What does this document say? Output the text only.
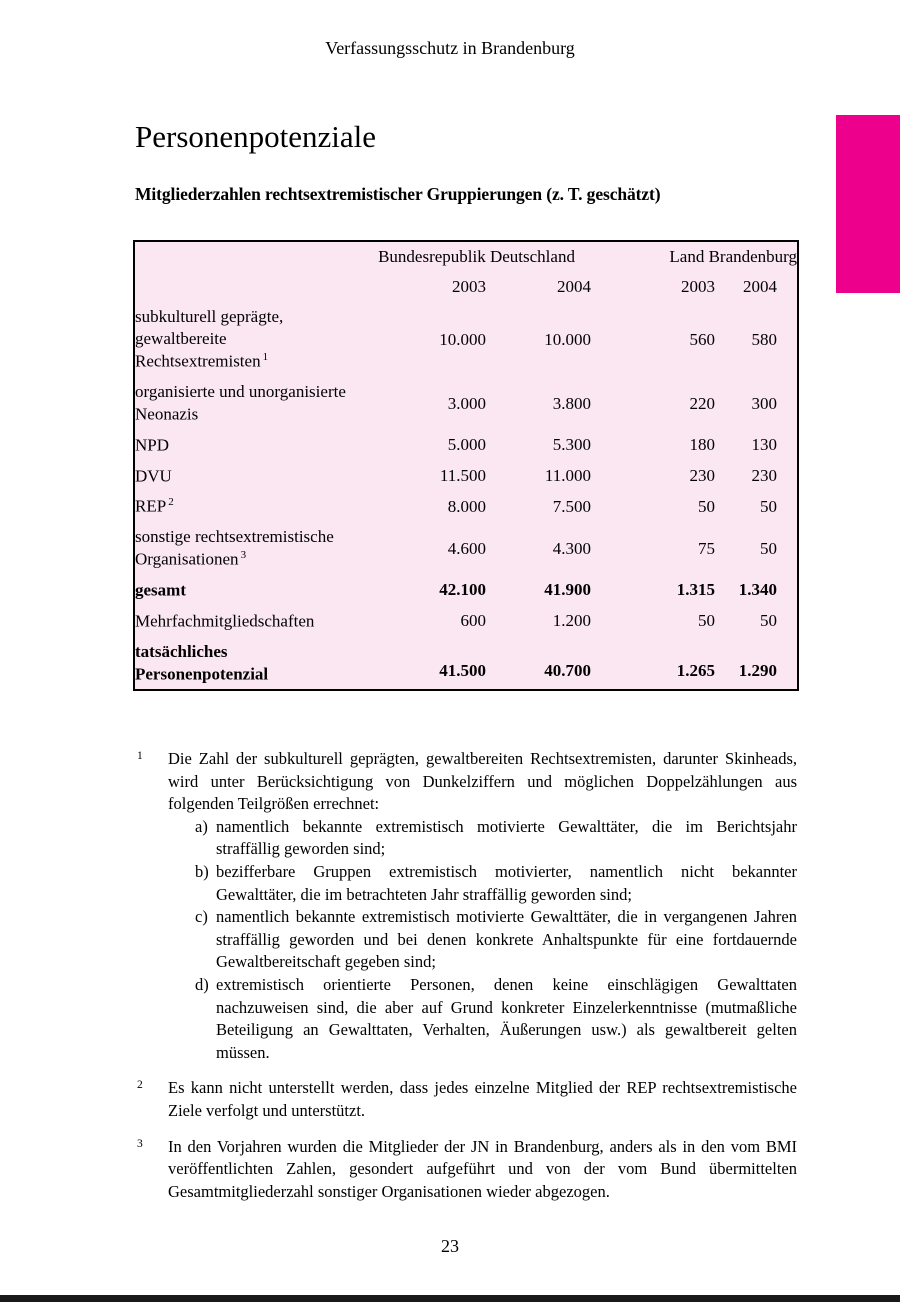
Verfassungsschutz in Brandenburg
Personenpotenziale
Mitgliederzahlen rechtsextremistischer Gruppierungen (z. T. geschätzt)
	Bundesrepublik Deutschland		Land Brandenburg	
	2003	2004	2003	2004
subkulturell geprägte, gewaltbereite Rechtsextremisten $^1$	10.000	10.000	560	580
organisierte und unorganisierte Neonazis	3.000	3.800	220	300
NPD	5.000	5.300	180	130
DVU	11.500	11.000	230	230
REP $^2$	8.000	7.500	50	50
sonstige rechtsextremistische Organisationen $^3$	4.600	4.300	75	50
gesamt	42.100	41.900	1.315	1.340
Mehrfachmitgliedschaften	600	1.200	50	50
tatsächliches Personenpotenzial	41.500	40.700	1.265	1.290
1 Die Zahl der subkulturell geprägten, gewaltbereiten Rechtsextremisten, darunter Skinheads, wird unter Berücksichtigung von Dunkelziffern und möglichen Doppelzählungen aus folgenden Teilgrößen errechnet:

a) namentlich bekannte extremistisch motivierte Gewalttäter, die im Berichtsjahr straffällig geworden sind;
b) bezifferbare Gruppen extremistisch motivierter, namentlich nicht bekannter Gewalttäter, die im betrachteten Jahr straffällig geworden sind;
c) namentlich bekannte extremistisch motivierte Gewalttäter, die in vergangenen Jahren straffällig geworden und bei denen konkrete Anhaltspunkte für eine fortdauernde Gewaltbereitschaft gegeben sind;
d) extremistisch orientierte Personen, denen keine einschlägigen Gewalttaten nachzuweisen sind, die aber auf Grund konkreter Einzelerkenntnisse (mutmaßliche Beteiligung an Gewalttaten, Verhalten, Äußerungen usw.) als gewaltbereit gelten müssen.
2 Es kann nicht unterstellt werden, dass jedes einzelne Mitglied der REP rechtsextremistische Ziele verfolgt und unterstützt.

3 In den Vorjahren wurden die Mitglieder der JN in Brandenburg, anders als in den vom BMI veröffentlichten Zahlen, gesondert aufgeführt und von der vom Bund übermittelten Gesamtmitgliederzahl sonstiger Organisationen wieder abgezogen.

23
